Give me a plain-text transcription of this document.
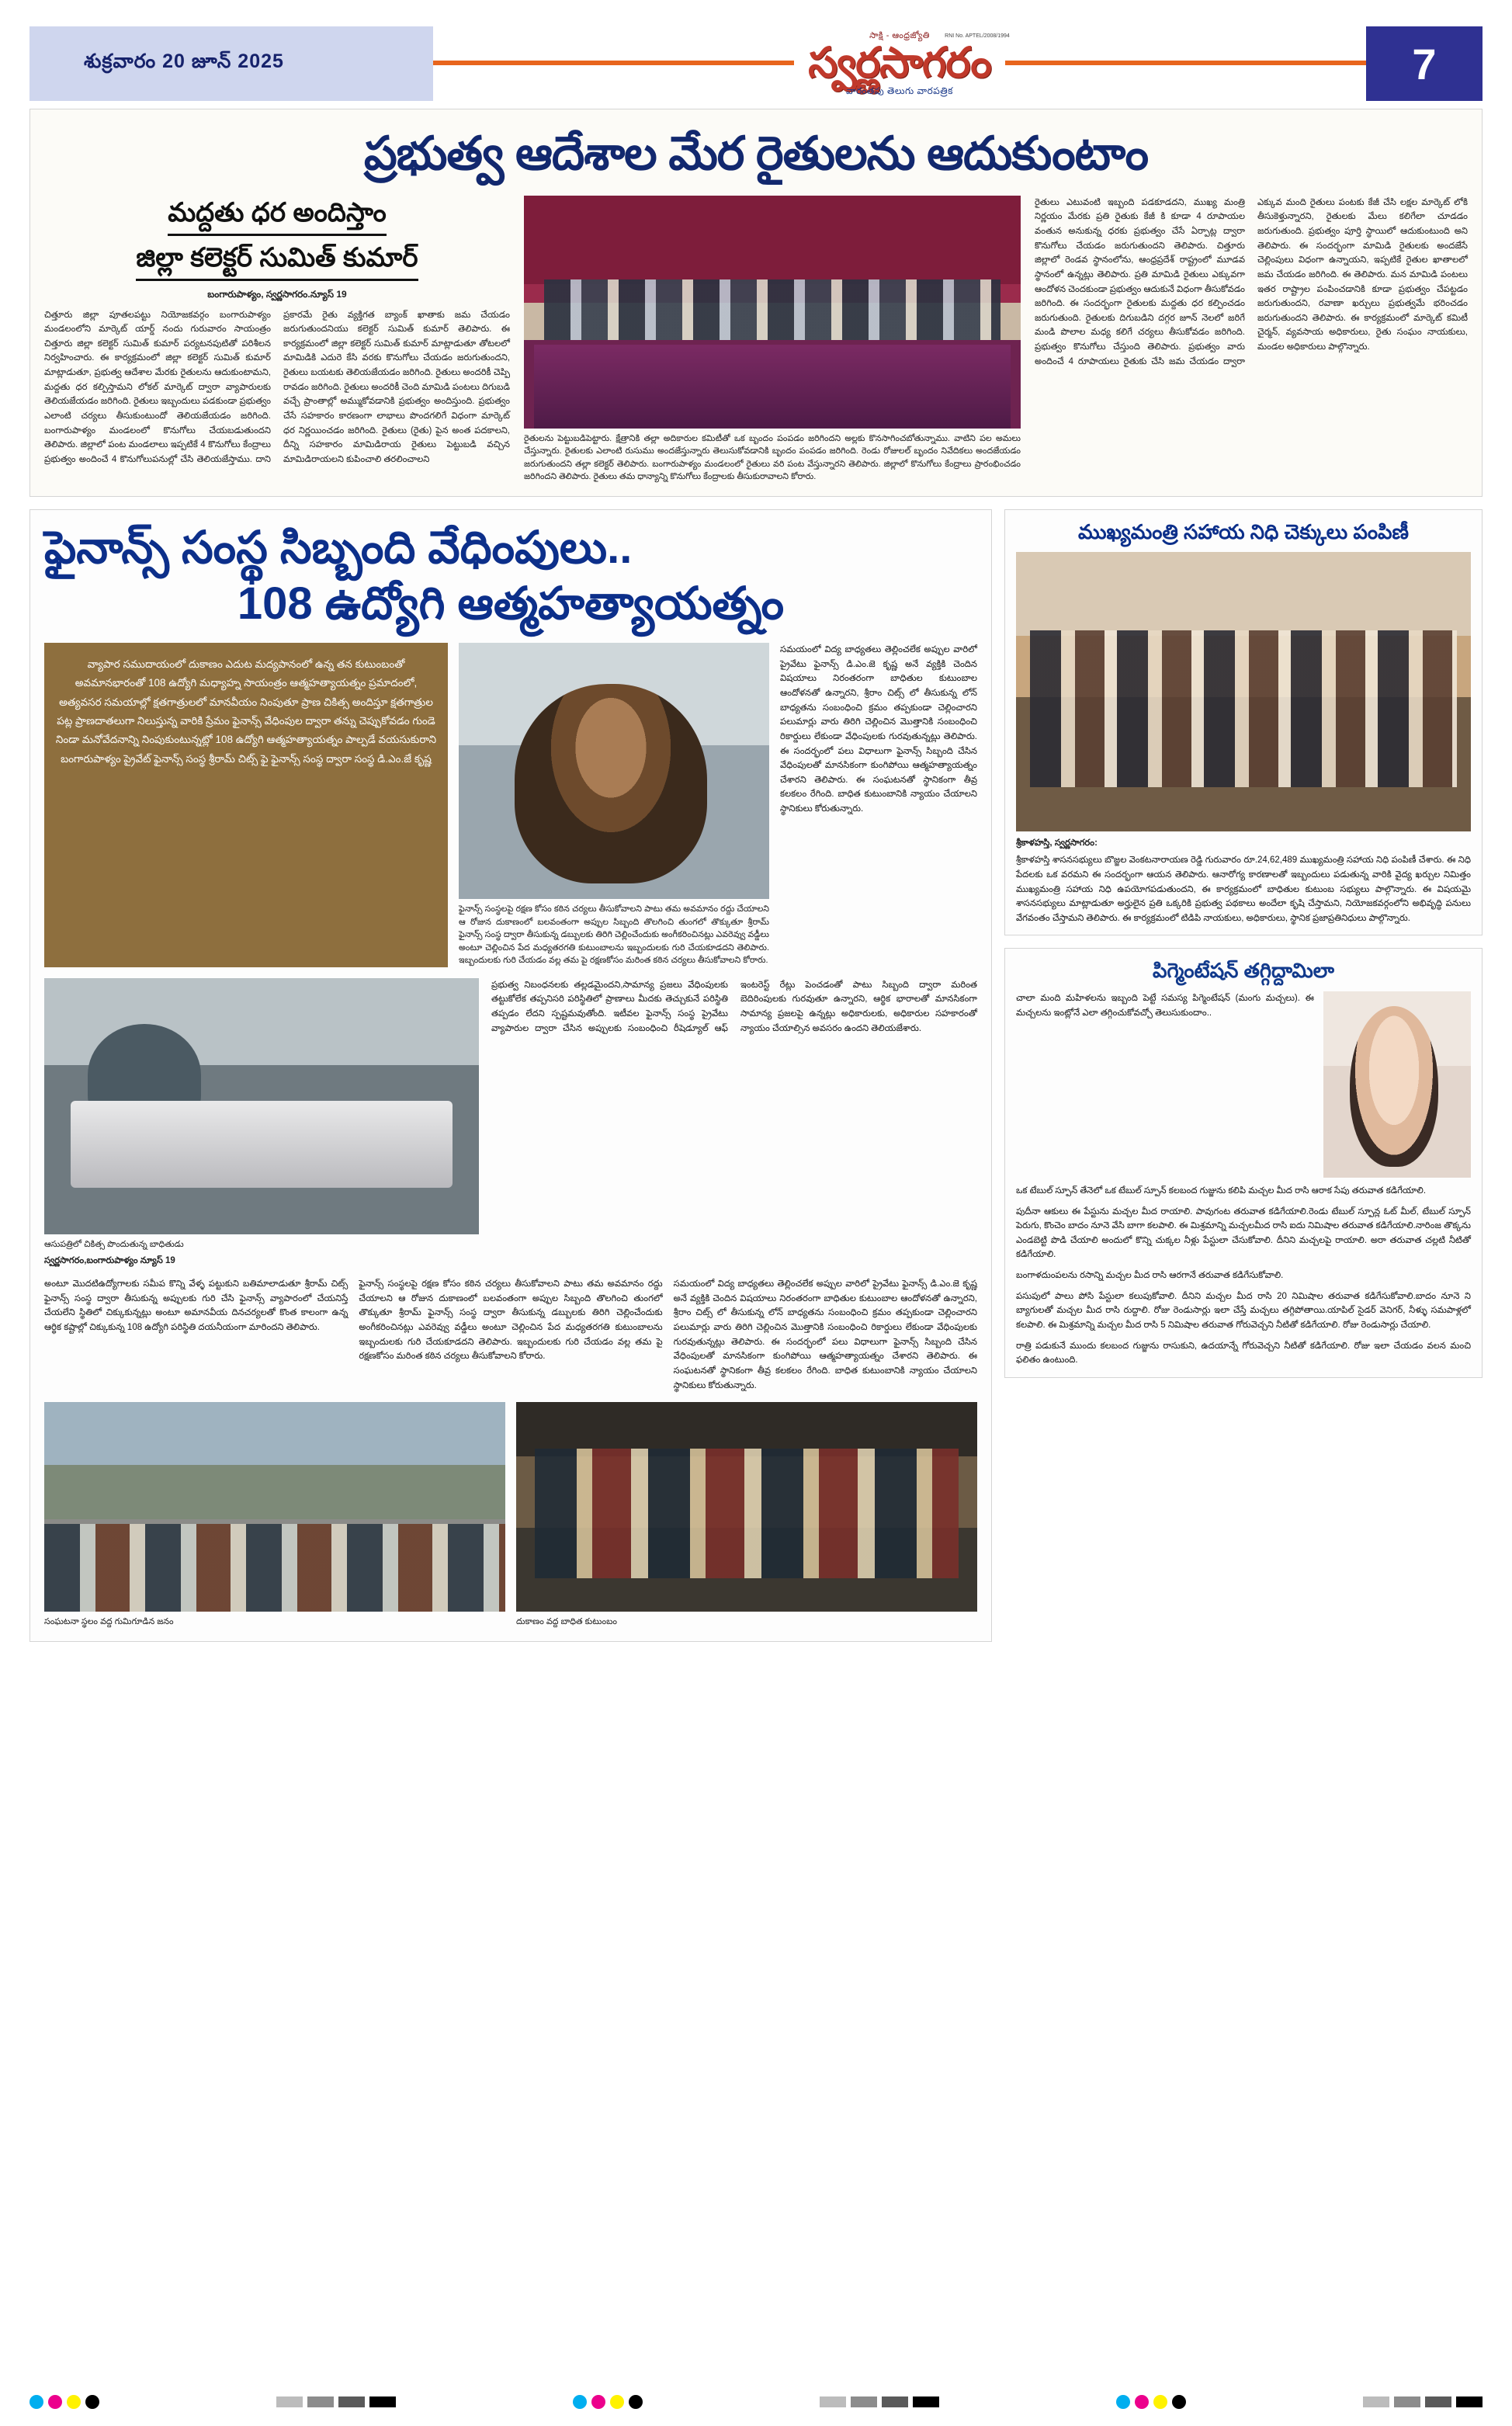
శుక్రవారం 20 జూన్ 2025
సాక్షి - ఆంధ్రజ్యోతి
స్వర్ణసాగరం
వారంతపు తెలుగు వారపత్రిక
RNI No. APTEL/2008/1994
7
ప్రభుత్వ ఆదేశాల మేర రైతులను ఆదుకుంటాం
మద్దతు ధర అందిస్తాం
జిల్లా కలెక్టర్ సుమిత్ కుమార్
బంగారుపాళ్యం, స్వర్ణసాగరం.న్యూస్ 19
చిత్తూరు జిల్లా పూతలపట్టు నియోజకవర్గం బంగారుపాళ్యం మండలంలోని మార్కెట్ యార్డ్ నందు గురువారం సాయంత్రం చిత్తూరు జిల్లా కలెక్టర్ సుమిత్ కుమార్ పర్యటనపుటితో పరిశీలన నిర్వహించారు. ఈ కార్యక్రమంలో జిల్లా కలెక్టర్ సుమిత్ కుమార్ మాట్లాడుతూ, ప్రభుత్వ ఆదేశాల మేరకు రైతులను ఆదుకుంటామని, మద్దతు ధర కల్పిస్తామని లోకల్ మార్కెట్ ద్వారా వ్యాపారులకు తెలియజేయడం జరిగింది. రైతులు ఇబ్బందులు పడకుండా ప్రభుత్వం ఎలాంటి చర్యలు తీసుకుంటుందో తెలియజేయడం జరిగింది. బంగారుపాళ్యం మండలంలో కొనుగోలు చేయబడుతుందని తెలిపారు. జిల్లాలో పంట మండలాలు ఇప్పటికే 4 కొనుగోలు కేంద్రాలు ప్రభుత్వం అందించే 4 కొనుగోలుపనుల్లో చేసి తెలియజేస్తాము. దాని ప్రకారమే రైతు వ్యక్తిగత బ్యాంక్ ఖాతాకు జమ చేయడం జరుగుతుందనియు కలెక్టర్ సుమిత్ కుమార్ తెలిపారు. ఈ కార్యక్రమంలో జిల్లా కలెక్టర్ సుమిత్ కుమార్ మాట్లాడుతూ తోటలలో మామిడికి ఎదురె కేసి వరకు కొనుగోలు చేయడం జరుగుతుందని, రైతులు బయటకు తెలియజేయడం జరిగింది. రైతులు అందరికీ చెప్పి రావడం జరిగింది. రైతులు అందరికీ చెంది మామిడి పంటలు దిగుబడి వచ్చే ప్రాంతాల్లో అమ్ముకోవడానికి ప్రభుత్వం అందిస్తుంది. ప్రభుత్వం చేసే సహకారం కారణంగా లాభాలు పొందగలిగే విధంగా మార్కెట్ ధర నిర్ణయించడం జరిగింది. రైతులు (రైతు) పైన అంత పదకాలని, దీన్ని సహకారం మామిడిరాయ రైతులు పెట్టుబడి వచ్చిన మామిడిరాయలని కుపించాలి తరలించాలని
రైతులను పెట్టుబడిపెట్టారు. క్షేత్రానికి తల్లా అదికారుల కమిటీతో ఒక బృందం పంపడం జరిగిందని అల్లకు కొనసాగించబోతున్నాము. వాటిని పల అమలు చేస్తున్నారు. రైతులకు ఎలాంటి రుసుము అందజేస్తున్నారు తెలుసుకోవడానికి బృందం పంపడం జరిగింది. రెండు రోజులల్ బృందం నివేదికలు అందజేయడం జరుగుతుందని తల్లా కలెక్టర్ తెలిపారు. బంగారుపాళ్యం మండలంలో రైతులు వరి పంట వేస్తున్నారని తెలిపారు. జిల్లాలో కొనుగోలు కేంద్రాలు ప్రారంభించడం జరిగిందని తెలిపారు. రైతులు తమ ధాన్యాన్ని కొనుగోలు కేంద్రాలకు తీసుకురావాలని కోరారు.
రైతులు ఎటువంటి ఇబ్బంది పడకూడదని, ముఖ్య మంత్రి నిర్ణయం మేరకు ప్రతి రైతుకు కేజీ కి కూడా 4 రూపాయల వంతున అనుకున్న ధరకు ప్రభుత్వం చేసే ఏర్పాట్ల ద్వారా కొనుగోలు చేయడం జరుగుతుందని తెలిపారు. చిత్తూరు జిల్లాలో రెండవ స్థానంలోను, ఆంధ్రప్రదేశ్ రాష్ట్రంలో మూడవ స్థానంలో ఉన్నట్లు తెలిపారు. ప్రతి మామిడి రైతులు ఎక్కువగా ఆందోళన చెందకుండా ప్రభుత్వం ఆదుకునే విధంగా తీసుకోవడం జరిగింది. ఈ సందర్భంగా రైతులకు మద్దతు ధర కల్పించడం జరుగుతుంది. రైతులకు దిగుబడిని దగ్గర జూన్ నెలలో జరిగే మండి పొలాల మధ్య కలిగే చర్యలు తీసుకోవడం జరిగింది. ప్రభుత్వం కొనుగోలు చేస్తుంది తెలిపారు. ప్రభుత్వం వారు అందించే 4 రూపాయలు రైతుకు చేసి జమ చేయడం ద్వారా ఎక్కువ మంది రైతులు పంటకు కేజీ చేసి లక్షల మార్కెట్ లోకి తీసుకెళ్తున్నారని, రైతులకు మేలు కలిగేలా చూడడం జరుగుతుంది. ప్రభుత్వం పూర్తి స్థాయిలో ఆదుకుంటుంది అని తెలిపారు. ఈ సందర్భంగా మామిడి రైతులకు అందజేసే చెల్లింపులు విధంగా ఉన్నాయని, ఇప్పటికే రైతుల ఖాతాలలో జమ చేయడం జరిగింది. ఈ తెలిపారు. మన మామిడి పంటలు ఇతర రాష్ట్రాల పంపించడానికి కూడా ప్రభుత్వం చేపట్టడం జరుగుతుందని, రవాణా ఖర్చులు ప్రభుత్వమే భరించడం జరుగుతుందని తెలిపారు. ఈ కార్యక్రమంలో మార్కెట్ కమిటీ చైర్మన్, వ్యవసాయ అధికారులు, రైతు సంఘం నాయకులు, మండల అధికారులు పాల్గొన్నారు.
ఫైనాన్స్ సంస్థ సిబ్బంది వేధింపులు..
108 ఉద్యోగి ఆత్మహత్యాయత్నం
వ్యాపార సముదాయంలో దుకాణం ఎదుట మద్యపానంలో ఉన్న తన కుటుంబంతో అవమానభారంతో 108 ఉద్యోగి మధ్యాహ్న సాయంత్రం ఆత్మహత్యాయత్నం ప్రమాదంలో, అత్యవసర సమయాల్లో క్షతగాత్రులలో మానవీయం నింపుతూ ప్రాణ చికిత్స అందిస్తూ క్షతగాత్రుల పట్ల ప్రాణదాతలుగా నిలుస్తున్న వారికి స్రేమం ఫైనాన్స్ వేధింపుల ద్వారా తన్ను చెప్పుకోవడం గుండె నిండా మనోవేదనాన్ని నింపుకుంటున్నట్లో 108 ఉద్యోగి ఆత్మహత్యాయత్నం పాల్పడే వయసుకురాని బంగారుపాళ్యం ప్రైవేట్ ఫైనాన్స్ సంస్థ శ్రీరామ్ చిట్స్ ఫై ఫైనాన్స్ సంస్థ ద్వారా సంస్థ డి.ఎం.జే కృష్ణ
ఫైనాన్స్ సంస్థలపై రక్షణ కోసం కఠిన చర్యలు తీసుకోవాలని పాటు తమ అవమానం రద్దు చేయాలని ఆ రోజున దుకాణంలో బలవంతంగా అప్పుల సిబ్బంది తొలగించి తుంగలో తొక్కుతూ శ్రీరామ్ ఫైనాన్స్ సంస్థ ద్వారా తీసుకున్న డబ్బులకు తిరిగి చెల్లించేందుకు అంగీకరించినట్లు ఎవరెవ్వు వడ్డీలు అంటూ చెల్లించిన పేద మధ్యతరగతి కుటుంబాలను ఇబ్బందులకు గురి చేయకూడదని తెలిపారు. ఇబ్బందులకు గురి చేయడం వల్ల తమ పై రక్షణకోసం మరింత కఠిన చర్యలు తీసుకోవాలని కోరారు.
సమయంలో విద్య బాధ్యతలు తెల్లించలేక అప్పుల వారిలో ప్రైవేటు ఫైనాన్స్ డి.ఎం.జె కృష్ణ అనే వ్యక్తికి చెందిన విషయాలు నిరంతరంగా బాధితుల కుటుంబాల ఆందోళనతో ఉన్నారని, శ్రీరాం చిట్స్ లో తీసుకున్న లోన్ బాధ్యతను సంబంధించి క్రమం తప్పకుండా చెల్లించారని పలుమార్లు వారు తిరిగి చెల్లించిన మొత్తానికి సంబంధించి రికార్డులు లేకుండా వేధింపులకు గురవుతున్నట్లు తెలిపారు. ఈ సందర్భంలో పలు విధాలుగా ఫైనాన్స్ సిబ్బంది చేసిన వేధింపులతో మానసికంగా కుంగిపోయి ఆత్మహత్యాయత్నం చేశారని తెలిపారు. ఈ సంఘటనతో స్థానికంగా తీవ్ర కలకలం రేగింది. బాధిత కుటుంబానికి న్యాయం చేయాలని స్థానికులు కోరుతున్నారు.
ఆసుపత్రిలో చికిత్స పొందుతున్న బాధితుడు
స్వర్ణసాగరం,బంగారుపాళ్యం న్యూస్ 19
ప్రభుత్వ నిబంధనలకు తల్లడమైందని,సామాన్య ప్రజలు వేధింపులకు తట్టుకోలేక తప్పనిసరి పరిస్థితిలో ప్రాణాలు మీదకు తెచ్చుకునే పరిస్థితి తప్పడం లేదని స్పష్టమవుతోంది. ఇటీవల ఫైనాన్స్ సంస్థ ప్రైవేటు వ్యాపారుల ద్వారా చేసిన అప్పులకు సంబంధించి రీషెడ్యూల్ ఆఫ్ ఇంటరెస్ట్ రేట్లు పెంచడంతో పాటు సిబ్బంది ద్వారా మరింత బెదిరింపులకు గురవుతూ ఉన్నారని, ఆర్థిక భారాలతో మానసికంగా సామాన్య ప్రజలపై ఉన్నట్లు అధికారులకు, అధికారుల సహకారంతో న్యాయం చేయాల్సిన అవసరం ఉందని తెలియజేశారు.
అంటూ మొదటిఉద్యోగాలకు సమీప కొన్ని వేళ్ళ పట్టుకుని బతిమాలాడుతూ శ్రీరామ్ చిట్స్ ఫైనాన్స్ సంస్థ ద్వారా తీసుకున్న అప్పులకు గురి చేసి ఫైనాన్స్ వ్యాపారంలో చేయనిస్తే చేయలేని స్థితిలో చిక్కుకున్నట్లు అంటూ అమానవీయ దినచర్యలతో కొంత కాలంగా ఉన్న ఆర్థిక కష్టాల్లో చిక్కుకున్న 108 ఉద్యోగి పరిస్థితి దయనీయంగా మారిందని తెలిపారు.
ఫైనాన్స్ సంస్థలపై రక్షణ కోసం కఠిన చర్యలు తీసుకోవాలని పాటు తమ అవమానం రద్దు చేయాలని ఆ రోజున దుకాణంలో బలవంతంగా అప్పుల సిబ్బంది తొలగించి తుంగలో తొక్కుతూ శ్రీరామ్ ఫైనాన్స్ సంస్థ ద్వారా తీసుకున్న డబ్బులకు తిరిగి చెల్లించేందుకు అంగీకరించినట్లు ఎవరెవ్వు వడ్డీలు అంటూ చెల్లించిన పేద మధ్యతరగతి కుటుంబాలను ఇబ్బందులకు గురి చేయకూడదని తెలిపారు. ఇబ్బందులకు గురి చేయడం వల్ల తమ పై రక్షణకోసం మరింత కఠిన చర్యలు తీసుకోవాలని కోరారు.
సమయంలో విద్య బాధ్యతలు తెల్లించలేక అప్పుల వారిలో ప్రైవేటు ఫైనాన్స్ డి.ఎం.జె కృష్ణ అనే వ్యక్తికి చెందిన విషయాలు నిరంతరంగా బాధితుల కుటుంబాల ఆందోళనతో ఉన్నారని, శ్రీరాం చిట్స్ లో తీసుకున్న లోన్ బాధ్యతను సంబంధించి క్రమం తప్పకుండా చెల్లించారని పలుమార్లు వారు తిరిగి చెల్లించిన మొత్తానికి సంబంధించి రికార్డులు లేకుండా వేధింపులకు గురవుతున్నట్లు తెలిపారు. ఈ సందర్భంలో పలు విధాలుగా ఫైనాన్స్ సిబ్బంది చేసిన వేధింపులతో మానసికంగా కుంగిపోయి ఆత్మహత్యాయత్నం చేశారని తెలిపారు. ఈ సంఘటనతో స్థానికంగా తీవ్ర కలకలం రేగింది. బాధిత కుటుంబానికి న్యాయం చేయాలని స్థానికులు కోరుతున్నారు.
సంఘటనా స్థలం వద్ద గుమిగూడిన జనం	దుకాణం వద్ద బాధిత కుటుంబం
ముఖ్యమంత్రి సహాయ నిధి చెక్కులు పంపిణీ
శ్రీకాళహస్తి, స్వర్ణసాగరం:
శ్రీకాళహస్తి శాసనసభ్యులు బొజ్జల వెంకటనారాయణ రెడ్డి గురువారం రూ.24,62,489 ముఖ్యమంత్రి సహాయ నిధి పంపిణీ చేశారు. ఈ నిధి పేదలకు ఒక వరమని ఈ సందర్భంగా ఆయన తెలిపారు. ఆనారోగ్య కారణాలతో ఇబ్బందులు పడుతున్న వారికి వైద్య ఖర్చుల నిమిత్తం ముఖ్యమంత్రి సహాయ నిధి ఉపయోగపడుతుందని, ఈ కార్యక్రమంలో బాధితుల కుటుంబ సభ్యులు పాల్గొన్నారు. ఈ విషయమై శాసనసభ్యులు మాట్లాడుతూ అర్హులైన ప్రతి ఒక్కరికి ప్రభుత్వ పథకాలు అందేలా కృషి చేస్తామని, నియోజకవర్గంలోని అభివృద్ధి పనులు వేగవంతం చేస్తామని తెలిపారు. ఈ కార్యక్రమంలో టిడిపి నాయకులు, అధికారులు, స్థానిక ప్రజాప్రతినిధులు పాల్గొన్నారు.
పిగ్మెంటేషన్ తగ్గిద్దామిలా
చాలా మంది మహిళలను ఇబ్బంది పెట్టే సమస్య పిగ్మెంటేషన్ (మంగు మచ్చలు). ఈ మచ్చలను ఇంట్లోనే ఎలా తగ్గించుకోవచ్చో తెలుసుకుందాం..
ఒక టేబుల్ స్పూన్ తేనెలో ఒక టేబుల్ స్పూన్ కలబంద గుజ్జును కలిపి మచ్చల మీద రాసి ఆరాక సేపు తరువాత కడిగేయాలి.
పుదీనా ఆకులు ఈ పేస్టును మచ్చల మీద రాయాలి. పావుగంట తరువాత కడిగేయాలి.రెండు టేబుల్ స్పూన్ల ఓట్ మీల్, టేబుల్ స్పూన్ పెరుగు, కొంచెం బాదం నూనె వేసి బాగా కలపాలి. ఈ మిశ్రమాన్ని మచ్చలమీద రాసి ఐదు నిమిషాల తరువాత కడిగేయాలి.నారింజ తొక్కను ఎండబెట్టి పొడి చేయాలి అందులో కొన్ని చుక్కల నీళ్లు పేస్టులా చేసుకోవాలి. దీనిని మచ్చలపై రాయాలి. అరా తరువాత చల్లటి నీటితో కడిగేయాలి.
బంగాళదుంపలను రసాన్ని మచ్చల మీద రాసి ఆరగానే తరువాత కడిగేసుకోవాలి.
పసుపులో పాలు పోసి పేస్టులా కలుపుకోవాలి. దీనిని మచ్చల మీద రాసి 20 నిమిషాల తరువాత కడిగేసుకోవాలి.బాదం నూనె ని బ్యాగులతో మచ్చల మీద రాసి రుద్దాలి. రోజు రెండుసార్లు ఇలా చేస్తే మచ్చలు తగ్గిపోతాయి.యాపిల్ సైడర్ వెనిగర్, నీళ్ళు సమపాళ్లలో కలపాలి. ఈ మిశ్రమాన్ని మచ్చల మీద రాసి 5 నిమిషాల తరువాత గోరువెచ్చని నీటితో కడిగేయాలి. రోజు రెండుసార్లు చేయాలి.
రాత్రి పడుకునే ముందు కలబంద గుజ్జును రాసుకుని, ఉదయాన్నే గోరువెచ్చని నీటితో కడిగేయాలి. రోజు ఇలా చేయడం వలన మంచి ఫలితం ఉంటుంది.
